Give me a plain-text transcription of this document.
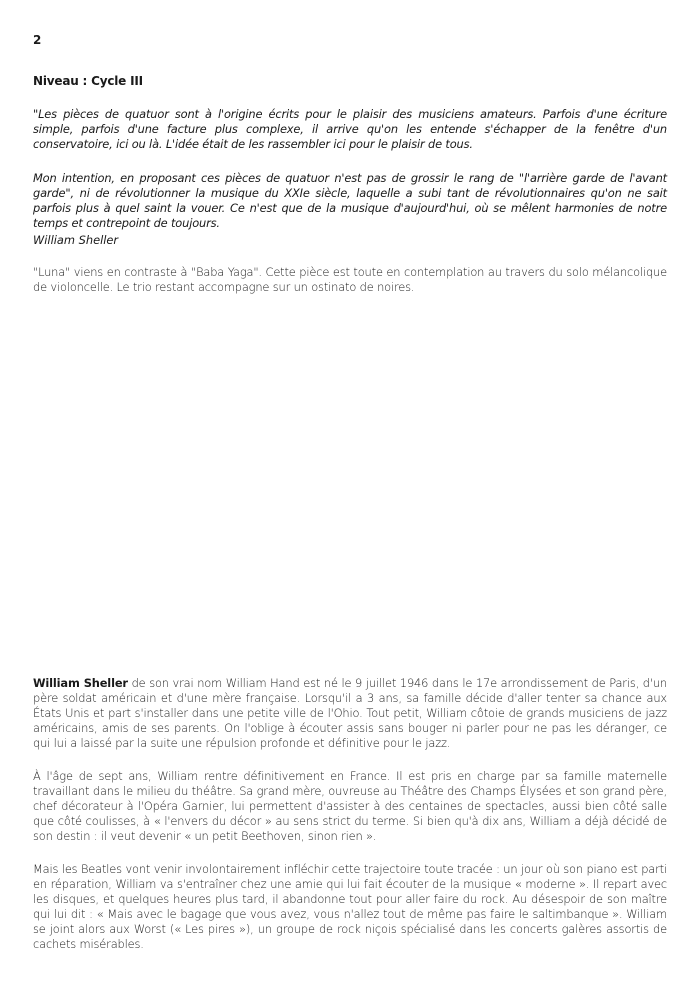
2
Niveau : Cycle III

"Les pièces de quatuor sont à l'origine écrits pour le plaisir des musiciens amateurs. Parfois d'une écriture simple, parfois d'une facture plus complexe, il arrive qu'on les entende s'échapper de la fenêtre d'un conservatoire, ici ou là. L'idée était de les rassembler ici pour le plaisir de tous.

Mon intention, en proposant ces pièces de quatuor n'est pas de grossir le rang de "l'arrière garde de l'avant garde", ni de révolutionner la musique du XXIe siècle, laquelle a subi tant de révolutionnaires qu'on ne sait parfois plus à quel saint la vouer. Ce n'est que de la musique d'aujourd'hui, où se mêlent harmonies de notre temps et contrepoint de toujours.

William Sheller

"Luna" viens en contraste à "Baba Yaga". Cette pièce est toute en contemplation au travers du solo mélancolique de violoncelle. Le trio restant accompagne sur un ostinato de noires.

William Sheller de son vrai nom William Hand est né le 9 juillet 1946 dans le 17e arrondissement de Paris, d'un père soldat américain et d'une mère française. Lorsqu'il a 3 ans, sa famille décide d'aller tenter sa chance aux États Unis et part s'installer dans une petite ville de l'Ohio. Tout petit, William côtoie de grands musiciens de jazz américains, amis de ses parents. On l'oblige à écouter assis sans bouger ni parler pour ne pas les déranger, ce qui lui a laissé par la suite une répulsion profonde et définitive pour le jazz.

À l'âge de sept ans, William rentre définitivement en France. Il est pris en charge par sa famille maternelle travaillant dans le milieu du théâtre. Sa grand mère, ouvreuse au Théâtre des Champs Élysées et son grand père, chef décorateur à l'Opéra Garnier, lui permettent d'assister à des centaines de spectacles, aussi bien côté salle que côté coulisses, à « l'envers du décor » au sens strict du terme. Si bien qu'à dix ans, William a déjà décidé de son destin : il veut devenir « un petit Beethoven, sinon rien ».

Mais les Beatles vont venir involontairement infléchir cette trajectoire toute tracée : un jour où son piano est parti en réparation, William va s'entraîner chez une amie qui lui fait écouter de la musique « moderne ». Il repart avec les disques, et quelques heures plus tard, il abandonne tout pour aller faire du rock. Au désespoir de son maître qui lui dit : « Mais avec le bagage que vous avez, vous n'allez tout de même pas faire le saltimbanque ». William se joint alors aux Worst (« Les pires »), un groupe de rock niçois spécialisé dans les concerts galères assortis de cachets misérables.
